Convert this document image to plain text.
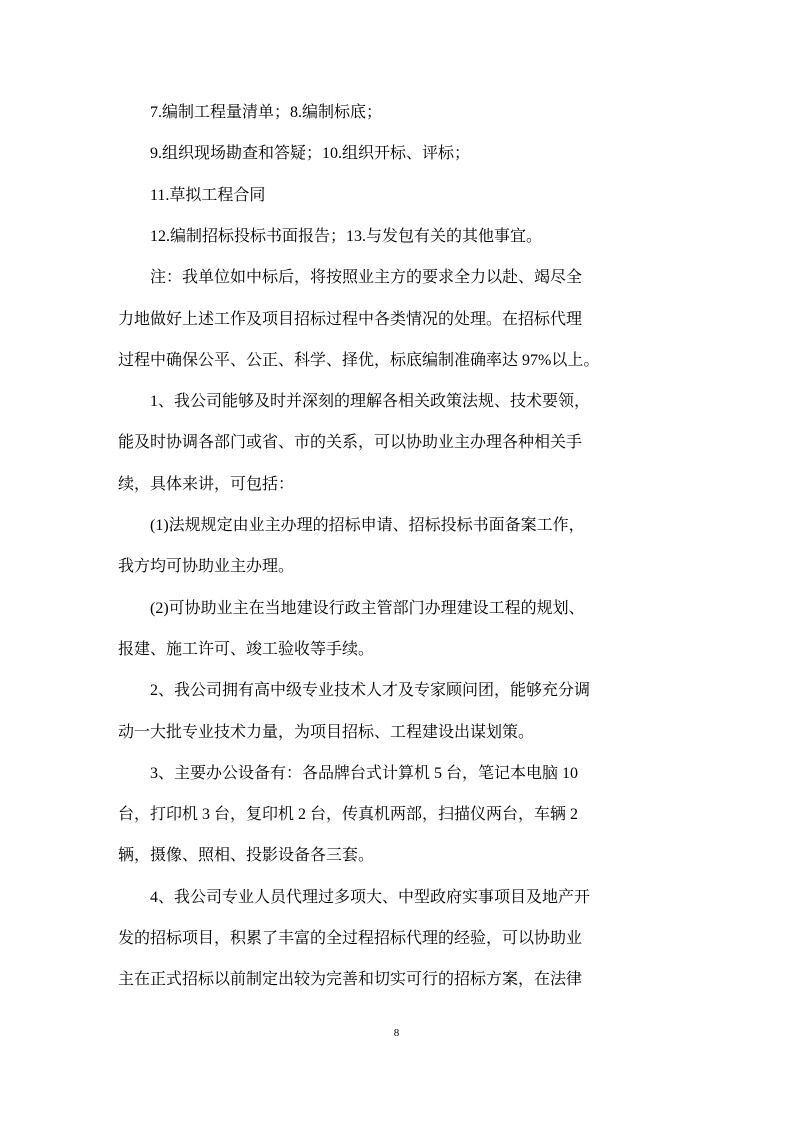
7.编制工程量清单；8.编制标底；
9.组织现场勘查和答疑；10.组织开标、评标；
11.草拟工程合同
12.编制招标投标书面报告；13.与发包有关的其他事宜。
注：我单位如中标后，将按照业主方的要求全力以赴、竭尽全
力地做好上述工作及项目招标过程中各类情况的处理。在招标代理
过程中确保公平、公正、科学、择优，标底编制准确率达 97%以上。
1、我公司能够及时并深刻的理解各相关政策法规、技术要领，
能及时协调各部门或省、市的关系，可以协助业主办理各种相关手
续，具体来讲，可包括：
(1)法规规定由业主办理的招标申请、招标投标书面备案工作，
我方均可协助业主办理。
(2)可协助业主在当地建设行政主管部门办理建设工程的规划、
报建、施工许可、竣工验收等手续。
2、我公司拥有高中级专业技术人才及专家顾问团，能够充分调
动一大批专业技术力量，为项目招标、工程建设出谋划策。
3、主要办公设备有：各品牌台式计算机 5 台，笔记本电脑 10
台，打印机 3 台，复印机 2 台，传真机两部，扫描仪两台，车辆 2
辆，摄像、照相、投影设备各三套。
4、我公司专业人员代理过多项大、中型政府实事项目及地产开
发的招标项目，积累了丰富的全过程招标代理的经验，可以协助业
主在正式招标以前制定出较为完善和切实可行的招标方案，在法律
8
